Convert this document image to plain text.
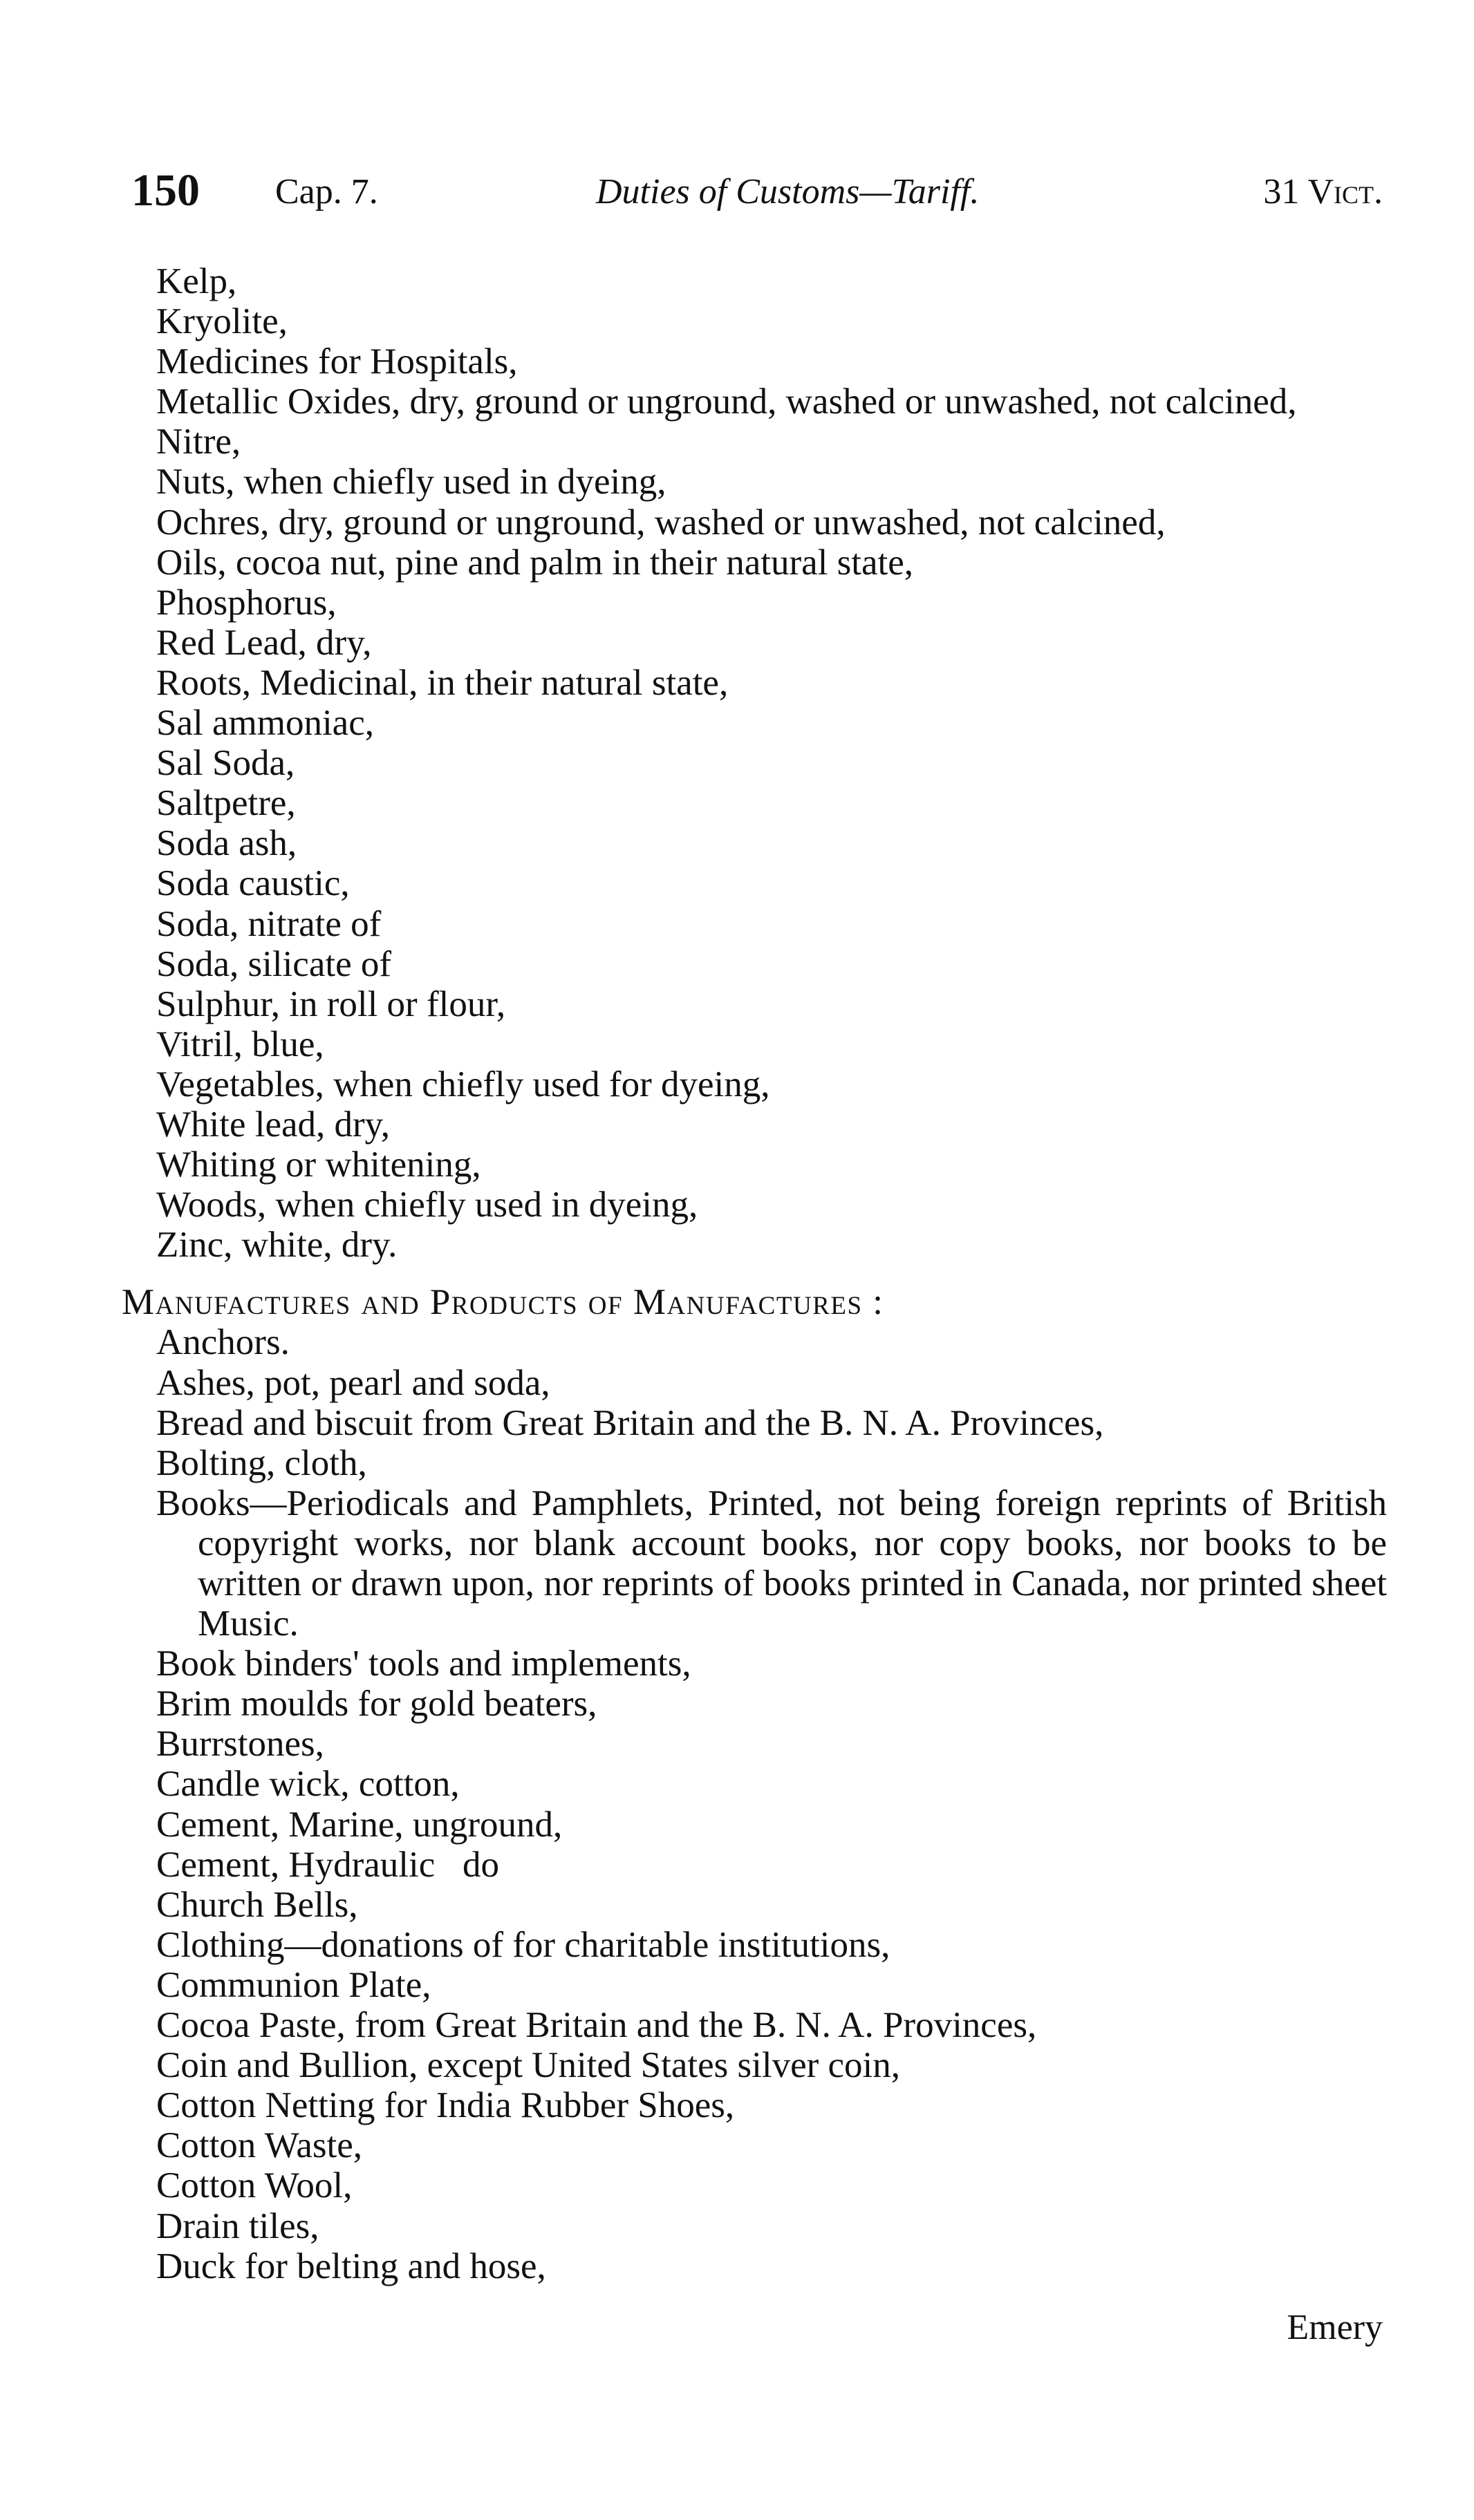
150 Cap. 7.	Duties of Customs—Tariff.	31 Vict.
Kelp,
Kryolite,
Medicines for Hospitals,
Metallic Oxides, dry, ground or unground, washed or unwashed, not calcined,
Nitre,
Nuts, when chiefly used in dyeing,
Ochres, dry, ground or unground, washed or unwashed, not calcined,
Oils, cocoa nut, pine and palm in their natural state,
Phosphorus,
Red Lead, dry,
Roots, Medicinal, in their natural state,
Sal ammoniac,
Sal Soda,
Saltpetre,
Soda ash,
Soda caustic,
Soda, nitrate of
Soda, silicate of
Sulphur, in roll or flour,
Vitril, blue,
Vegetables, when chiefly used for dyeing,
White lead, dry,
Whiting or whitening,
Woods, when chiefly used in dyeing,
Zinc, white, dry.
Manufactures and Products of Manufactures :
Anchors.
Ashes, pot, pearl and soda,
Bread and biscuit from Great Britain and the B. N. A. Provinces,
Bolting, cloth,
Books—Periodicals and Pamphlets, Printed, not being foreign reprints of British copyright works, nor blank account books, nor copy books, nor books to be written or drawn upon, nor reprints of books printed in Canada, nor printed sheet Music.
Book binders' tools and implements,
Brim moulds for gold beaters,
Burrstones,
Candle wick, cotton,
Cement, Marine, unground,
Cement, Hydraulic   do
Church Bells,
Clothing—donations of for charitable institutions,
Communion Plate,
Cocoa Paste, from Great Britain and the B. N. A. Provinces,
Coin and Bullion, except United States silver coin,
Cotton Netting for India Rubber Shoes,
Cotton Waste,
Cotton Wool,
Drain tiles,
Duck for belting and hose,
Emery
